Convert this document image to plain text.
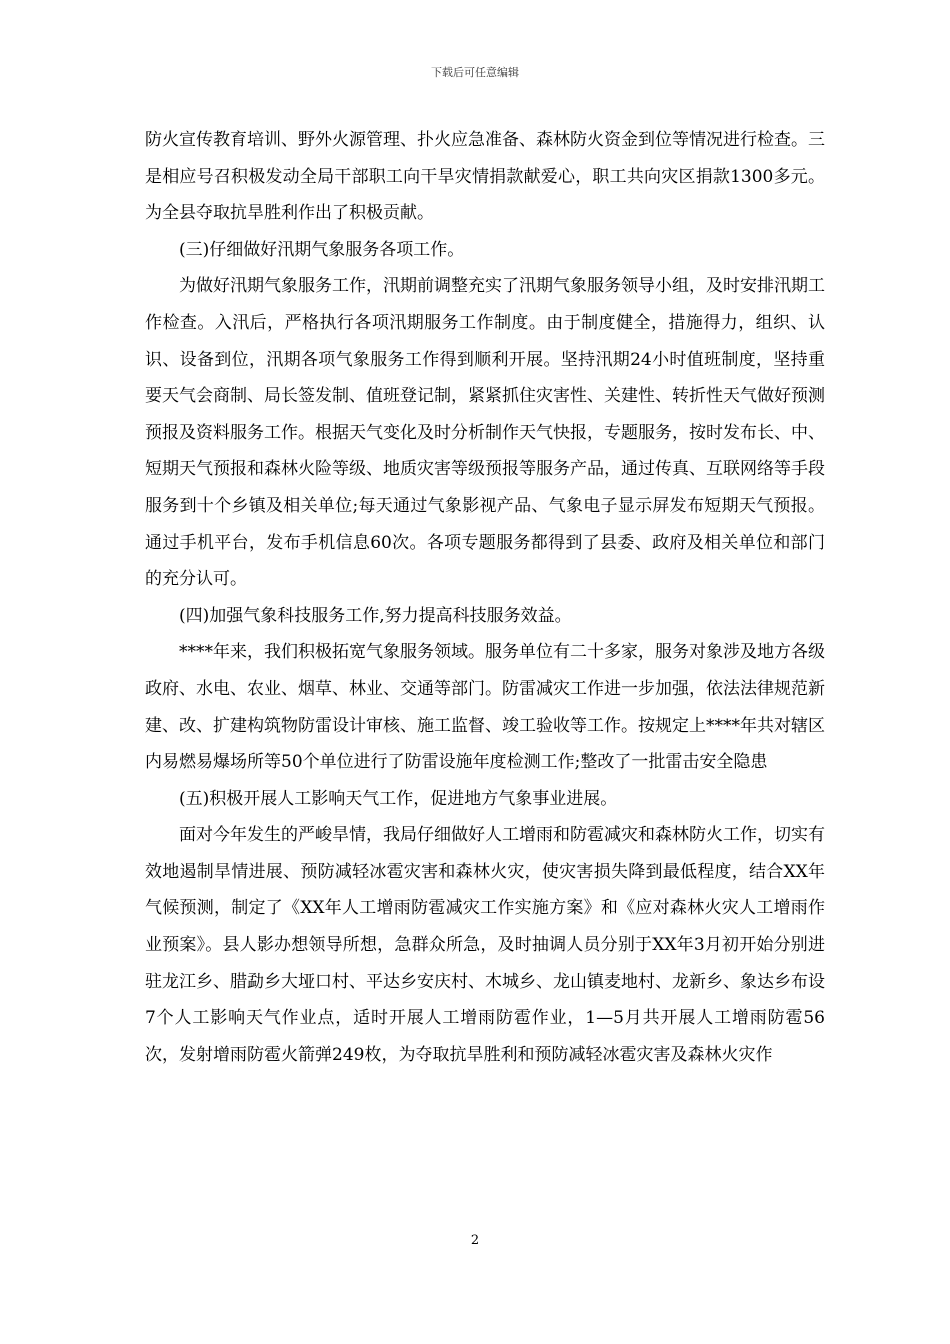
下载后可任意编辑

防火宣传教育培训、野外火源管理、扑火应急准备、森林防火资金到位等情况进行检查。三是相应号召积极发动全局干部职工向干旱灾情捐款献爱心，职工共向灾区捐款1300多元。为全县夺取抗旱胜利作出了积极贡献。

(三)仔细做好汛期气象服务各项工作。

为做好汛期气象服务工作，汛期前调整充实了汛期气象服务领导小组，及时安排汛期工作检查。入汛后，严格执行各项汛期服务工作制度。由于制度健全，措施得力，组织、认识、设备到位，汛期各项气象服务工作得到顺利开展。坚持汛期24小时值班制度，坚持重要天气会商制、局长签发制、值班登记制，紧紧抓住灾害性、关建性、转折性天气做好预测预报及资料服务工作。根据天气变化及时分析制作天气快报，专题服务，按时发布长、中、短期天气预报和森林火险等级、地质灾害等级预报等服务产品，通过传真、互联网络等手段服务到十个乡镇及相关单位;每天通过气象影视产品、气象电子显示屏发布短期天气预报。通过手机平台，发布手机信息60次。各项专题服务都得到了县委、政府及相关单位和部门的充分认可。

(四)加强气象科技服务工作,努力提高科技服务效益。

****年来，我们积极拓宽气象服务领域。服务单位有二十多家，服务对象涉及地方各级政府、水电、农业、烟草、林业、交通等部门。防雷减灾工作进一步加强，依法法律规范新建、改、扩建构筑物防雷设计审核、施工监督、竣工验收等工作。按规定上****年共对辖区内易燃易爆场所等50个单位进行了防雷设施年度检测工作;整改了一批雷击安全隐患

(五)积极开展人工影响天气工作，促进地方气象事业进展。

面对今年发生的严峻旱情，我局仔细做好人工增雨和防雹减灾和森林防火工作，切实有效地遏制旱情进展、预防减轻冰雹灾害和森林火灾，使灾害损失降到最低程度，结合XX年气候预测，制定了《XX年人工增雨防雹减灾工作实施方案》和《应对森林火灾人工增雨作业预案》。县人影办想领导所想，急群众所急，及时抽调人员分别于XX年3月初开始分别进驻龙江乡、腊勐乡大垭口村、平达乡安庆村、木城乡、龙山镇麦地村、龙新乡、象达乡布设7个人工影响天气作业点，适时开展人工增雨防雹作业，1—5月共开展人工增雨防雹56次，发射增雨防雹火箭弹249枚，为夺取抗旱胜利和预防减轻冰雹灾害及森林火灾作

2
